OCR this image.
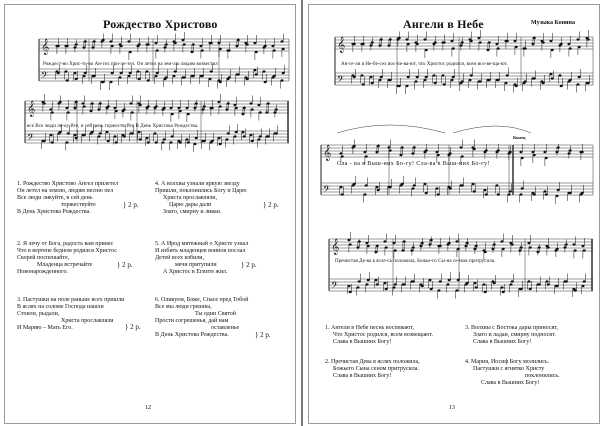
Рождество Христово
𝄞
𝄢
𝄞
𝄢
Рождест-во Хрис-то-во Ан-гел при-ле-тел. Он летел на зем-лю людям возвестил
все Все люди ли-ку-йте, и сей день торжествуйте В День Христова Рождества.
1. Рождество Христово Ангел прилетел
Он летел на землю, людям песню пел
Все люди ликуйте, в сей день
торжествуйте
В День Христова Рождества.
} 2 р.
4. А волхвы узнали яркую звезду
Пришли, поклонились Богу и Царю
Христа прославляли,
Царю дары дали
Злато, смирну и ливан.
} 2 р.
2. Я лечу от Бога, радость вам принес
Что в вертепе бедном родился Христос
Скорей поспешайте,
Младенца встречайте
Новонарожденного.
} 2 р.
5. А Ирод мятежный о Христе узнал
И избить младенцев воинов послал
Детей всех избили,
мечи притупили
А Христос в Египте жил.
} 2 р.
3. Пастушки на поле раньше всех пришли
В яслях на соломе Господа нашли
Стоили, рыдали,
Христа прославляли
И Марию – Мать Его.	} 2 р.
6. Оликуем, Боже, Спасе пред Тобой
Все мы люди грешны,
Ты один Святой
Прости согрешенья, дай нам
оставленье
В День Христова Рождества.	} 2 р.
12
Ангели в Небе	Музыка Конина
𝄞
𝄢
𝄞
𝄢
𝄞
𝄢
Ан-ге-ли в Не-бе-сех вос-пе-ва-ют, что Христос родился, всем воз-ве-ща-ют.
Сла - ва в Выш-них Бо-гу! Сла-ва в Выш-них Бо-гу!
Конец
Пречистая Де-ва в ясле-сь положила, Божье-го Сы-на се-ном притрусила.
1. Ангели в Небе песнь воспевают,
Что Христос родился, всем возвещают.
Слава в Вышних Богу!
3. Волхвы с Востока дары приносят,
Злато и ладан, смирну подносят.
Слава в Вышних Богу!
2. Пречистая Дева в яслях положила,
Божьего Сына сеном притрусила.
Слава в Вышних Богу!
4. Мария, Иосиф Богу молились.
Пастушки с ягнятко Христу
поклонились.
Слава в Вышних Богу!
13
